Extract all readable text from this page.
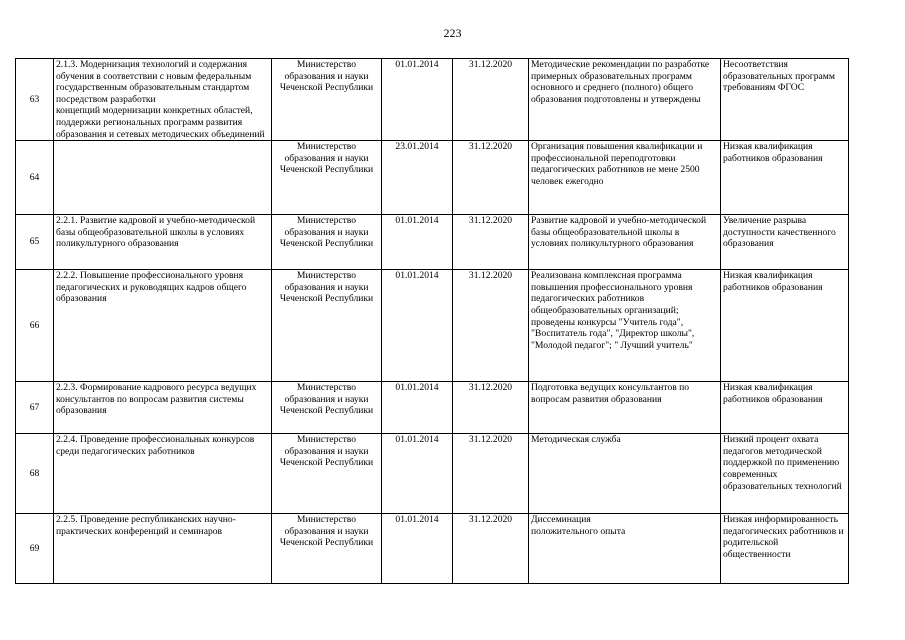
223
63	2.1.3. Модернизация технологий и содержания обучения в соответствии с новым федеральным государственным образовательным стандартом посредством разработки
концепций модернизации конкретных областей,
поддержки региональных программ развития образования и сетевых методических объединений	Министерство образования и науки Чеченской Республики	01.01.2014	31.12.2020	Методические рекомендации по разработке примерных образовательных программ основного и среднего (полного) общего образования подготовлены и утверждены	Несоответствия образовательных программ требованиям ФГОС

64		Министерство образования и науки Чеченской Республики	23.01.2014	31.12.2020	Организация повышения квалификации и профессиональной переподготовки педагогических работников не мене 2500 человек ежегодно	Низкая квалификация работников образования

65	2.2.1. Развитие кадровой и учебно-методической базы общеобразовательной школы в условиях поликультурного образования	Министерство образования и науки Чеченской Республики	01.01.2014	31.12.2020	Развитие кадровой и учебно-методической базы общеобразовательной школы в условиях поликультурного образования	Увеличение разрыва доступности качественного образования

66	2.2.2. Повышение профессионального уровня педагогических и руководящих кадров общего образования	Министерство образования и науки Чеченской Республики	01.01.2014	31.12.2020	Реализована комплексная программа повышения профессионального уровня педагогических работников общеобразовательных организаций;
проведены конкурсы "Учитель года",
"Воспитатель года", "Директор школы",
"Молодой педагог"; " Лучший учитель"	Низкая квалификация работников образования

67	2.2.3. Формирование кадрового ресурса ведущих консультантов по вопросам развития системы образования	Министерство образования и науки Чеченской Республики	01.01.2014	31.12.2020	Подготовка ведущих консультантов по вопросам развития образования	Низкая квалификация работников образования

68	2.2.4. Проведение профессиональных конкурсов среди педагогических работников	Министерство образования и науки Чеченской Республики	01.01.2014	31.12.2020	Методическая служба	Низкий процент охвата педагогов методической поддержкой по применению современных образовательных технологий

69	2.2.5. Проведение республиканских научно-практических конференций и семинаров	Министерство образования и науки Чеченской Республики	01.01.2014	31.12.2020	Диссеминация
положительного опыта	Низкая информированность педагогических работников и родительской общественности
